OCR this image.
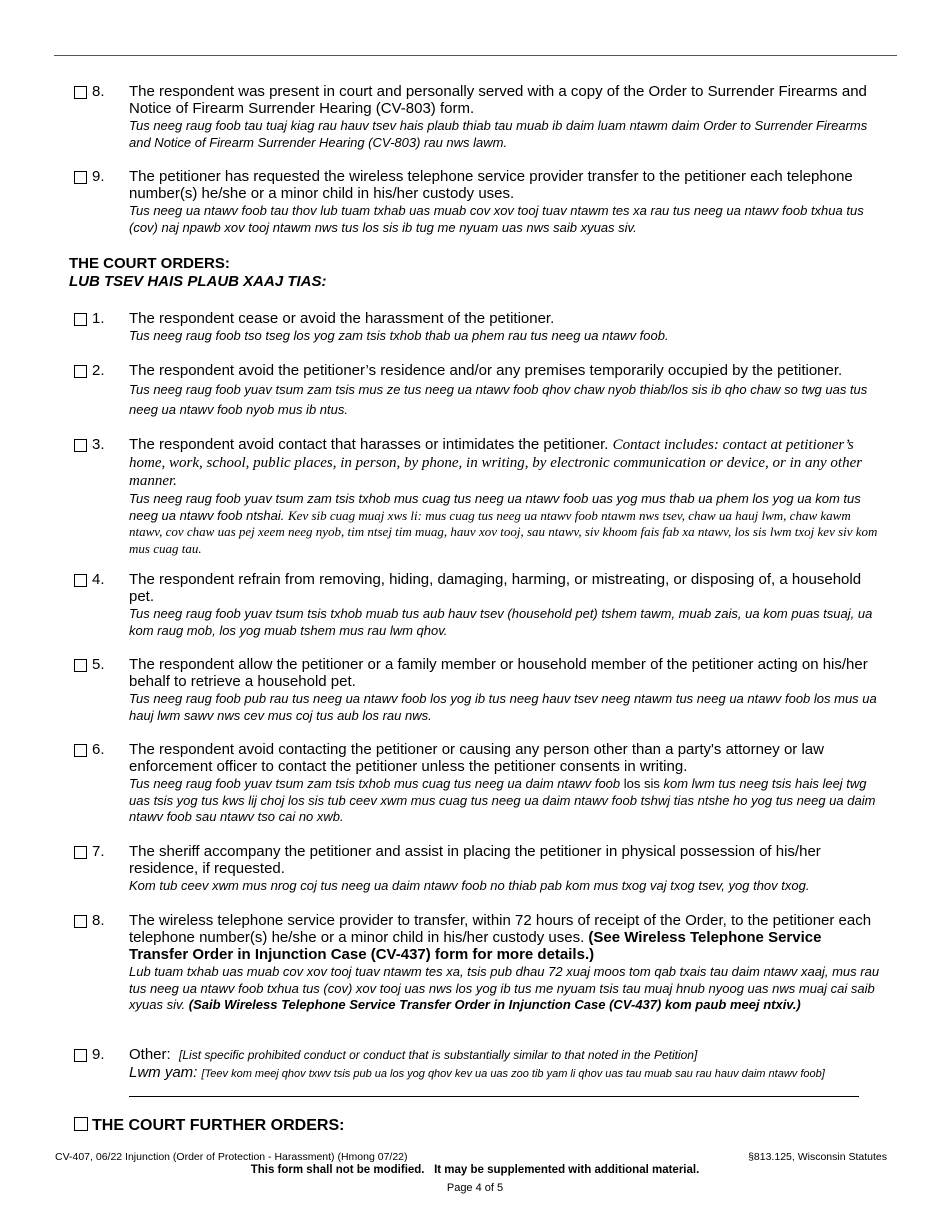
8. The respondent was present in court and personally served with a copy of the Order to Surrender Firearms and Notice of Firearm Surrender Hearing (CV-803) form.
Tus neeg raug foob tau tuaj kiag rau hauv tsev hais plaub thiab tau muab ib daim luam ntawm daim Order to Surrender Firearms and Notice of Firearm Surrender Hearing (CV-803) rau nws lawm.
9. The petitioner has requested the wireless telephone service provider transfer to the petitioner each telephone number(s) he/she or a minor child in his/her custody uses.
Tus neeg ua ntawv foob tau thov lub tuam txhab uas muab cov xov tooj tuav ntawm tes xa rau tus neeg ua ntawv foob txhua tus (cov) naj npawb xov tooj ntawm nws tus los sis ib tug me nyuam uas nws saib xyuas siv.
THE COURT ORDERS:
LUB TSEV HAIS PLAUB XAAJ TIAS:
1. The respondent cease or avoid the harassment of the petitioner.
Tus neeg raug foob tso tseg los yog zam tsis txhob thab ua phem rau tus neeg ua ntawv foob.
2. The respondent avoid the petitioner’s residence and/or any premises temporarily occupied by the petitioner.
Tus neeg raug foob yuav tsum zam tsis mus ze tus neeg ua ntawv foob qhov chaw nyob thiab/los sis ib qho chaw so twg uas tus neeg ua ntawv foob nyob mus ib ntus.
3. The respondent avoid contact that harasses or intimidates the petitioner. Contact includes: contact at petitioner’s home, work, school, public places, in person, by phone, in writing, by electronic communication or device, or in any other manner.
Tus neeg raug foob yuav tsum zam tsis txhob mus cuag tus neeg ua ntawv foob uas yog mus thab ua phem los yog ua kom tus neeg ua ntawv foob ntshai. Kev sib cuag muaj xws li: mus cuag tus neeg ua ntawv foob ntawm nws tsev, chaw ua hauj lwm, chaw kawm ntawv, cov chaw uas pej xeem neeg nyob, tim ntsej tim muag, hauv xov tooj, sau ntawv, siv khoom fais fab xa ntawv, los sis lwm txoj kev siv kom mus cuag tau.
4. The respondent refrain from removing, hiding, damaging, harming, or mistreating, or disposing of, a household pet.
Tus neeg raug foob yuav tsum tsis txhob muab tus aub hauv tsev (household pet) tshem tawm, muab zais, ua kom puas tsuaj, ua kom raug mob, los yog muab tshem mus rau lwm qhov.
5. The respondent allow the petitioner or a family member or household member of the petitioner acting on his/her behalf to retrieve a household pet.
Tus neeg raug foob pub rau tus neeg ua ntawv foob los yog ib tus neeg hauv tsev neeg ntawm tus neeg ua ntawv foob los mus ua hauj lwm sawv nws cev mus coj tus aub los rau nws.
6. The respondent avoid contacting the petitioner or causing any person other than a party's attorney or law enforcement officer to contact the petitioner unless the petitioner consents in writing.
Tus neeg raug foob yuav tsum zam tsis txhob mus cuag tus neeg ua daim ntawv foob los sis kom lwm tus neeg tsis hais leej twg uas tsis yog tus kws lij choj los sis tub ceev xwm mus cuag tus neeg ua daim ntawv foob tshwj tias ntshe ho yog tus neeg ua daim ntawv foob sau ntawv tso cai no xwb.
7. The sheriff accompany the petitioner and assist in placing the petitioner in physical possession of his/her residence, if requested.
Kom tub ceev xwm mus nrog coj tus neeg ua daim ntawv foob no thiab pab kom mus txog vaj txog tsev, yog thov txog.
8. The wireless telephone service provider to transfer, within 72 hours of receipt of the Order, to the petitioner each telephone number(s) he/she or a minor child in his/her custody uses. (See Wireless Telephone Service Transfer Order in Injunction Case (CV-437) form for more details.)
Lub tuam txhab uas muab cov xov tooj tuav ntawm tes xa, tsis pub dhau 72 xuaj moos tom qab txais tau daim ntawv xaaj, mus rau tus neeg ua ntawv foob txhua tus (cov) xov tooj uas nws los yog ib tus me nyuam tsis tau muaj hnub nyoog uas nws muaj cai saib xyuas siv. (Saib Wireless Telephone Service Transfer Order in Injunction Case (CV-437) kom paub meej ntxiv.)
9. Other: [List specific prohibited conduct or conduct that is substantially similar to that noted in the Petition]
Lwm yam: [Teev kom meej qhov txwv tsis pub ua los yog qhov kev ua uas zoo tib yam li qhov uas tau muab sau rau hauv daim ntawv foob]
THE COURT FURTHER ORDERS:
CV-407, 06/22 Injunction (Order of Protection - Harassment) (Hmong 07/22)	§813.125, Wisconsin Statutes
This form shall not be modified.   It may be supplemented with additional material.
Page 4 of 5
